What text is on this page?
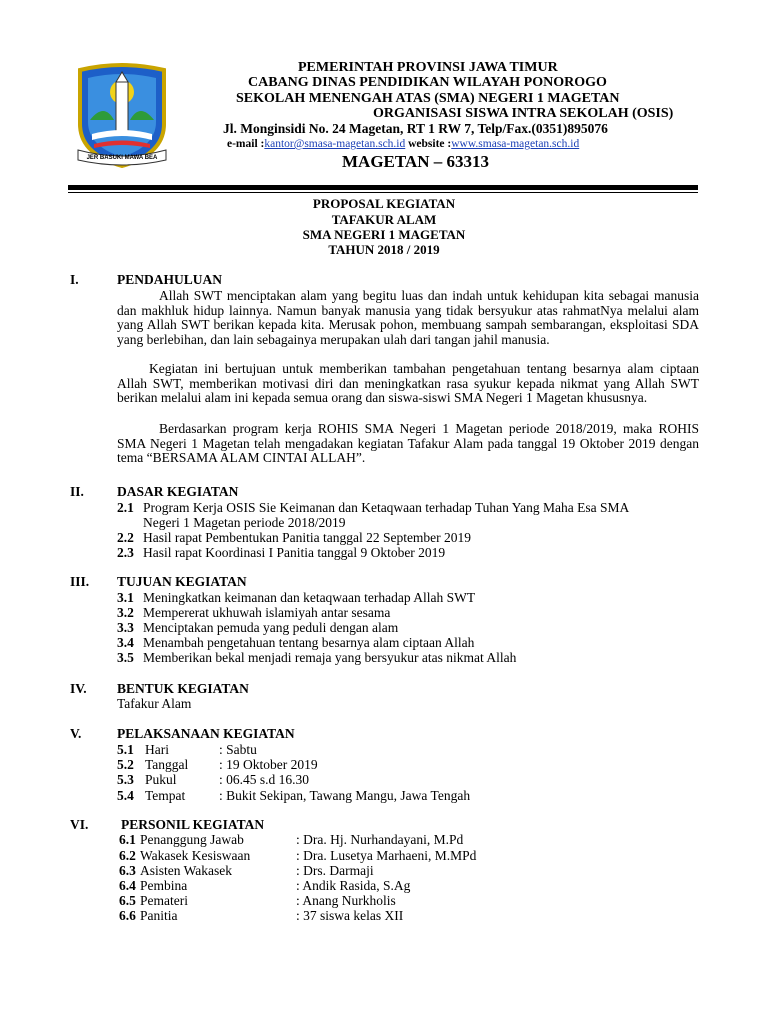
JER BASUKI MAWA BEA
PEMERINTAH PROVINSI JAWA TIMUR
CABANG DINAS PENDIDIKAN WILAYAH PONOROGO
SEKOLAH MENENGAH ATAS (SMA) NEGERI 1 MAGETAN
ORGANISASI SISWA INTRA SEKOLAH (OSIS)
Jl. Monginsidi No. 24 Magetan, RT 1 RW 7, Telp/Fax.(0351)895076
e-mail :kantor@smasa-magetan.sch.id website :www.smasa-magetan.sch.id
MAGETAN – 63313
PROPOSAL KEGIATAN
TAFAKUR ALAM
SMA NEGERI 1 MAGETAN
TAHUN 2018 / 2019
I.	PENDAHULUAN
Allah SWT menciptakan alam yang begitu luas dan indah untuk kehidupan kita sebagai manusia dan makhluk hidup lainnya. Namun banyak manusia yang tidak bersyukur atas rahmatNya melalui alam yang Allah SWT berikan kepada kita. Merusak pohon, membuang sampah sembarangan, eksploitasi SDA yang berlebihan, dan lain sebagainya merupakan ulah dari tangan jahil manusia.
Kegiatan ini bertujuan untuk memberikan tambahan pengetahuan tentang besarnya alam ciptaan Allah SWT, memberikan motivasi diri dan meningkatkan rasa syukur kepada nikmat yang Allah SWT berikan melalui alam ini kepada semua orang dan siswa-siswi SMA Negeri 1 Magetan khususnya.
Berdasarkan program kerja ROHIS SMA Negeri 1 Magetan periode 2018/2019, maka ROHIS SMA Negeri 1 Magetan telah mengadakan kegiatan Tafakur Alam pada tanggal 19 Oktober 2019 dengan tema “BERSAMA ALAM CINTAI ALLAH”.
II. DASAR KEGIATAN
2.1 Program Kerja OSIS Sie Keimanan dan Ketaqwaan terhadap Tuhan Yang Maha Esa SMA
Negeri 1 Magetan periode 2018/2019
2.2 Hasil rapat Pembentukan Panitia tanggal 22 September 2019
2.3 Hasil rapat Koordinasi I Panitia tanggal 9 Oktober 2019
III. TUJUAN KEGIATAN
3.1 Meningkatkan keimanan dan ketaqwaan terhadap Allah SWT
3.2 Mempererat ukhuwah islamiyah antar sesama
3.3 Menciptakan pemuda yang peduli dengan alam
3.4 Menambah pengetahuan tentang besarnya alam ciptaan Allah
3.5 Memberikan bekal menjadi remaja yang bersyukur atas nikmat Allah
IV. BENTUK KEGIATAN
Tafakur Alam
V.	PELAKSANAAN KEGIATAN
5.1 Hari	: Sabtu
5.2 Tanggal : 19 Oktober 2019
5.3 Pukul	: 06.45 s.d 16.30
5.4 Tempat : Bukit Sekipan, Tawang Mangu, Jawa Tengah
VI. PERSONIL KEGIATAN
6.1 Penanggung Jawab	: Dra. Hj. Nurhandayani, M.Pd
6.2 Wakasek Kesiswaan	: Dra. Lusetya Marhaeni, M.MPd
6.3 Asisten Wakasek	: Drs. Darmaji
6.4 Pembina	: Andik Rasida, S.Ag
6.5 Pemateri	: Anang Nurkholis
6.6 Panitia	: 37 siswa kelas XII
